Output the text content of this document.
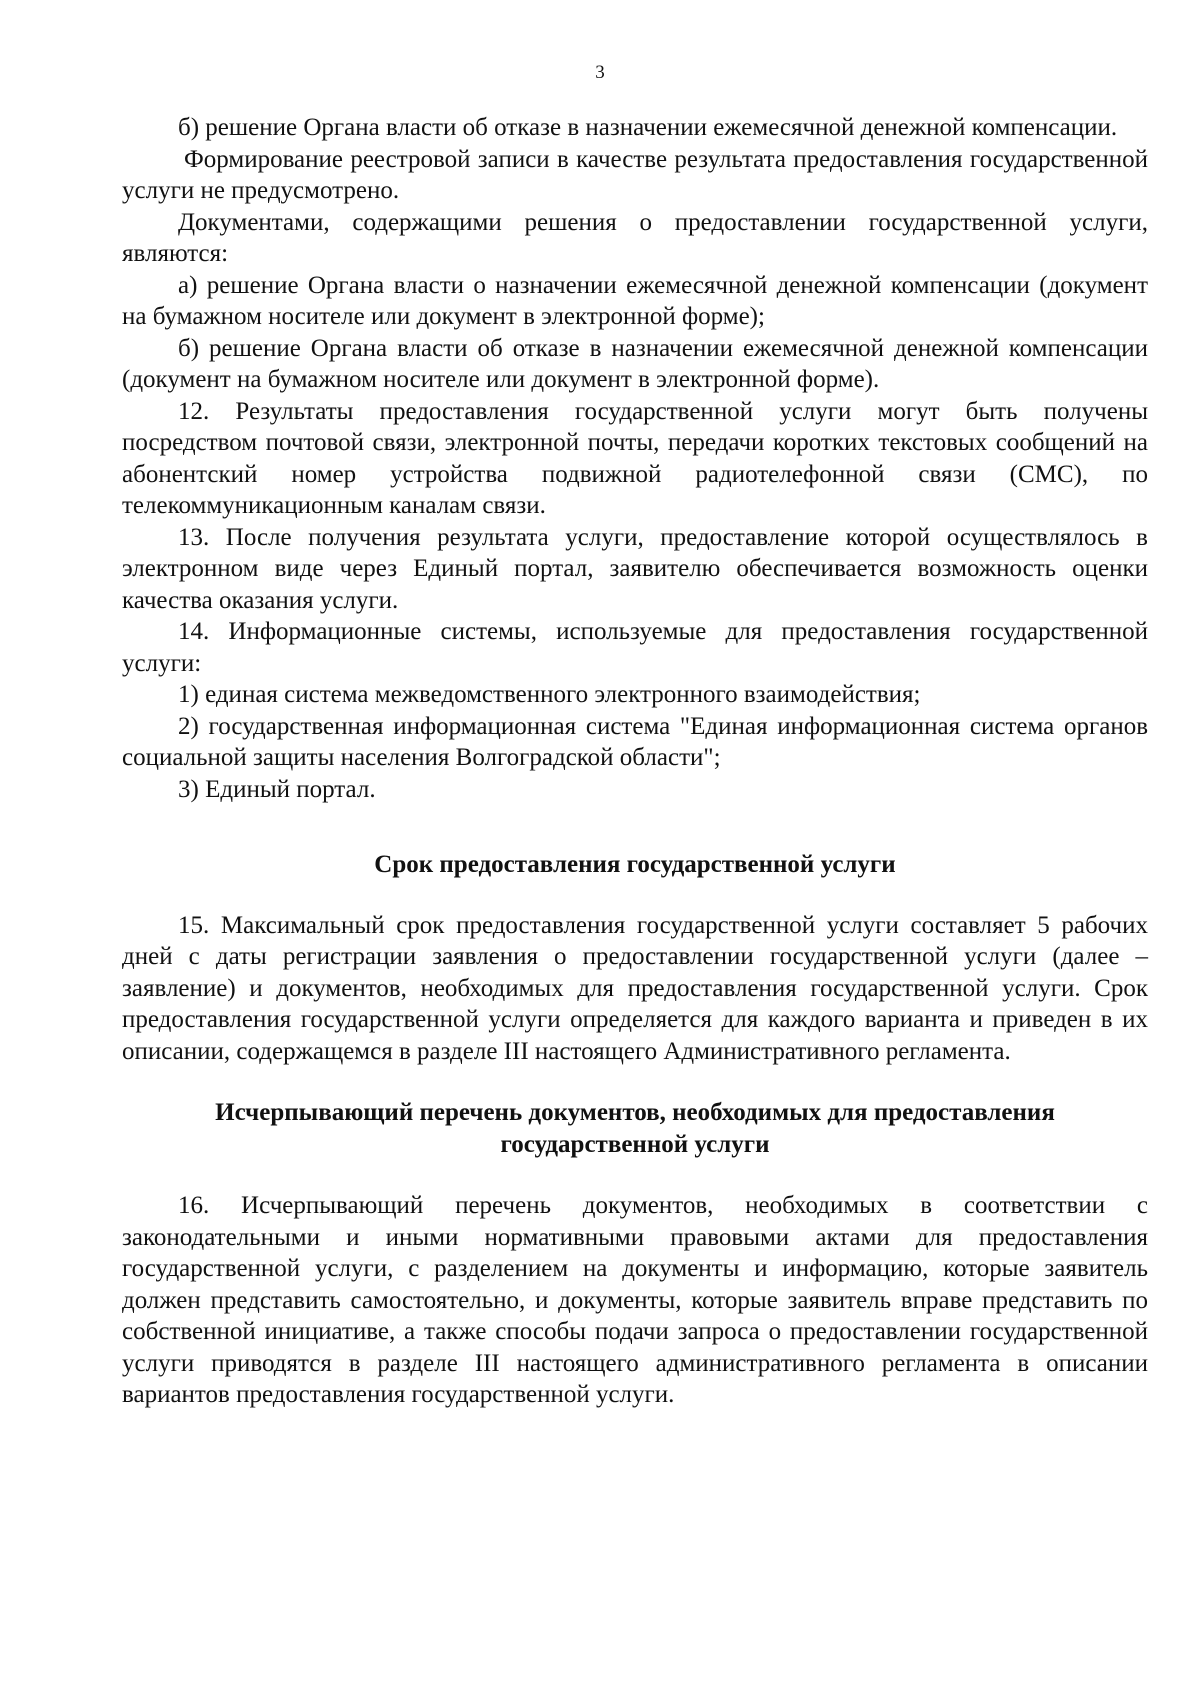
3

б) решение Органа власти об отказе в назначении ежемесячной денежной компенсации.

Формирование реестровой записи в качестве результата предоставления государственной услуги не предусмотрено.

Документами, содержащими решения о предоставлении государственной услуги, являются:

а) решение Органа власти о назначении ежемесячной денежной компенсации (документ на бумажном носителе или документ в электронной форме);

б) решение Органа власти об отказе в назначении ежемесячной денежной компенсации (документ на бумажном носителе или документ в электронной форме).

12. Результаты предоставления государственной услуги могут быть получены посредством почтовой связи, электронной почты, передачи коротких текстовых сообщений на абонентский номер устройства подвижной радиотелефонной связи (СМС), по телекоммуникационным каналам связи.

13. После получения результата услуги, предоставление которой осуществлялось в электронном виде через Единый портал, заявителю обеспечивается возможность оценки качества оказания услуги.

14. Информационные системы, используемые для предоставления государственной услуги:

1) единая система межведомственного электронного взаимодействия;

2) государственная информационная система "Единая информационная система органов социальной защиты населения Волгоградской области";

3) Единый портал.

Срок предоставления государственной услуги

15. Максимальный срок предоставления государственной услуги составляет 5 рабочих дней с даты регистрации заявления о предоставлении государственной услуги (далее – заявление) и документов, необходимых для предоставления государственной услуги. Срок предоставления государственной услуги определяется для каждого варианта и приведен в их описании, содержащемся в разделе III настоящего Административного регламента.

Исчерпывающий перечень документов, необходимых для предоставления

государственной услуги

16. Исчерпывающий перечень документов, необходимых в соответствии с законодательными и иными нормативными правовыми актами для предоставления государственной услуги, с разделением на документы и информацию, которые заявитель должен представить самостоятельно, и документы, которые заявитель вправе представить по собственной инициативе, а также способы подачи запроса о предоставлении государственной услуги приводятся в разделе III настоящего административного регламента в описании вариантов предоставления государственной услуги.
